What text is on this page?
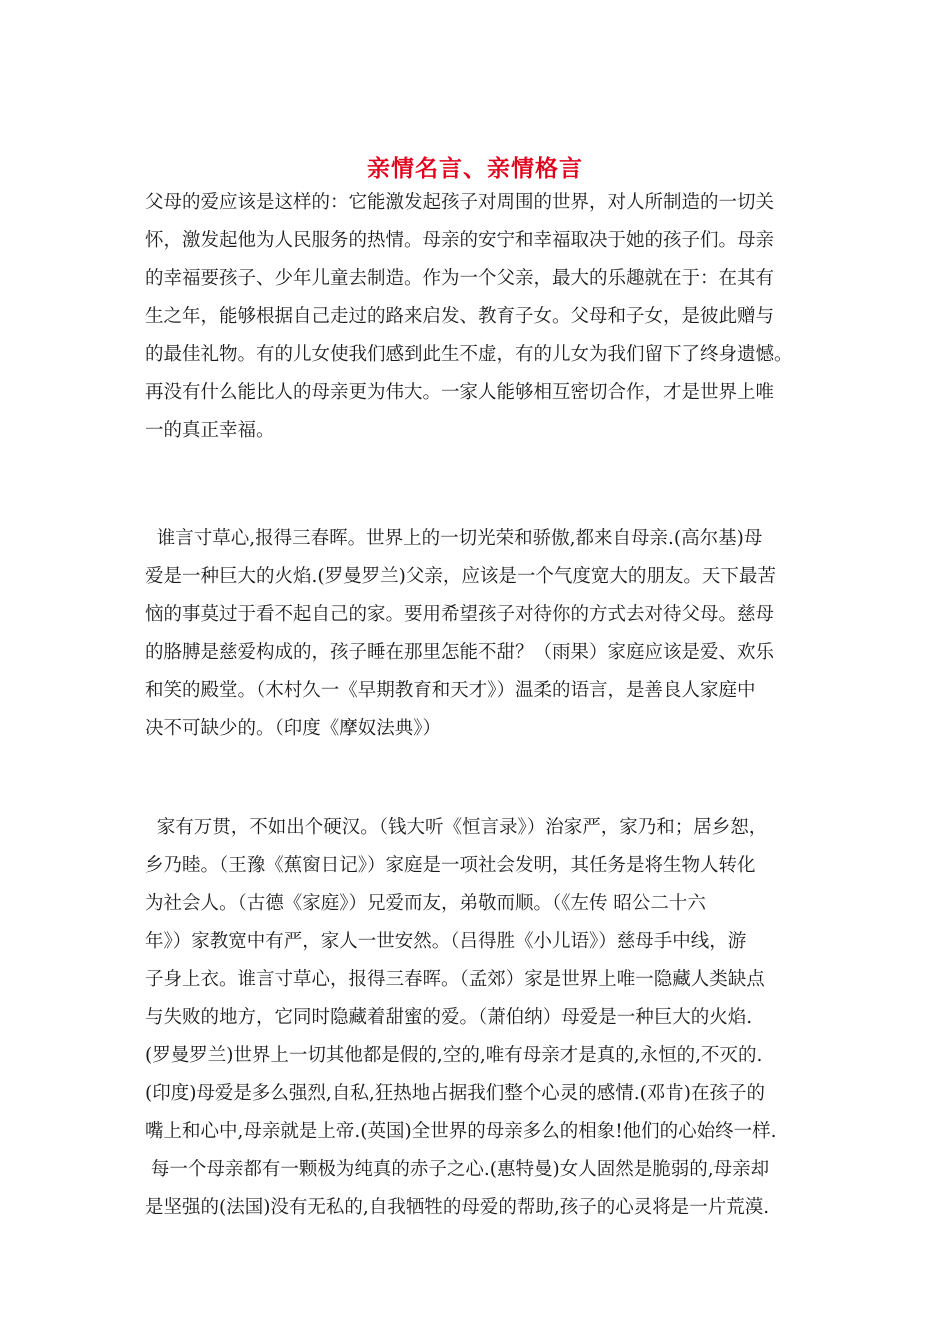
亲情名言、亲情格言
父母的爱应该是这样的：它能激发起孩子对周围的世界，对人所制造的一切关
怀，激发起他为人民服务的热情。母亲的安宁和幸福取决于她的孩子们。母亲
的幸福要孩子、少年儿童去制造。作为一个父亲，最大的乐趣就在于：在其有
生之年，能够根据自己走过的路来启发、教育子女。父母和子女，是彼此赠与
的最佳礼物。有的儿女使我们感到此生不虚，有的儿女为我们留下了终身遗憾。
再没有什么能比人的母亲更为伟大。一家人能够相互密切合作，才是世界上唯
一的真正幸福。
谁言寸草心,报得三春晖。世界上的一切光荣和骄傲,都来自母亲.(高尔基)母
爱是一种巨大的火焰.(罗曼罗兰)父亲，应该是一个气度宽大的朋友。天下最苦
恼的事莫过于看不起自己的家。要用希望孩子对待你的方式去对待父母。慈母
的胳膊是慈爱构成的，孩子睡在那里怎能不甜？（雨果）家庭应该是爱、欢乐
和笑的殿堂。（木村久一《早期教育和天才》）温柔的语言，是善良人家庭中
决不可缺少的。（印度《摩奴法典》）
家有万贯，不如出个硬汉。（钱大听《恒言录》）治家严，家乃和；居乡恕，
乡乃睦。（王豫《蕉窗日记》）家庭是一项社会发明，其任务是将生物人转化
为社会人。（古德《家庭》）兄爱而友，弟敬而顺。（《左传 昭公二十六
年》）家教宽中有严，家人一世安然。（吕得胜《小儿语》）慈母手中线，游
子身上衣。谁言寸草心，报得三春晖。（孟郊）家是世界上唯一隐藏人类缺点
与失败的地方，它同时隐藏着甜蜜的爱。（萧伯纳）母爱是一种巨大的火焰.
(罗曼罗兰)世界上一切其他都是假的,空的,唯有母亲才是真的,永恒的,不灭的.
(印度)母爱是多么强烈,自私,狂热地占据我们整个心灵的感情.(邓肯)在孩子的
嘴上和心中,母亲就是上帝.(英国)全世界的母亲多么的相象!他们的心始终一样.
每一个母亲都有一颗极为纯真的赤子之心.(惠特曼)女人固然是脆弱的,母亲却
是坚强的(法国)没有无私的,自我牺牲的母爱的帮助,孩子的心灵将是一片荒漠.
